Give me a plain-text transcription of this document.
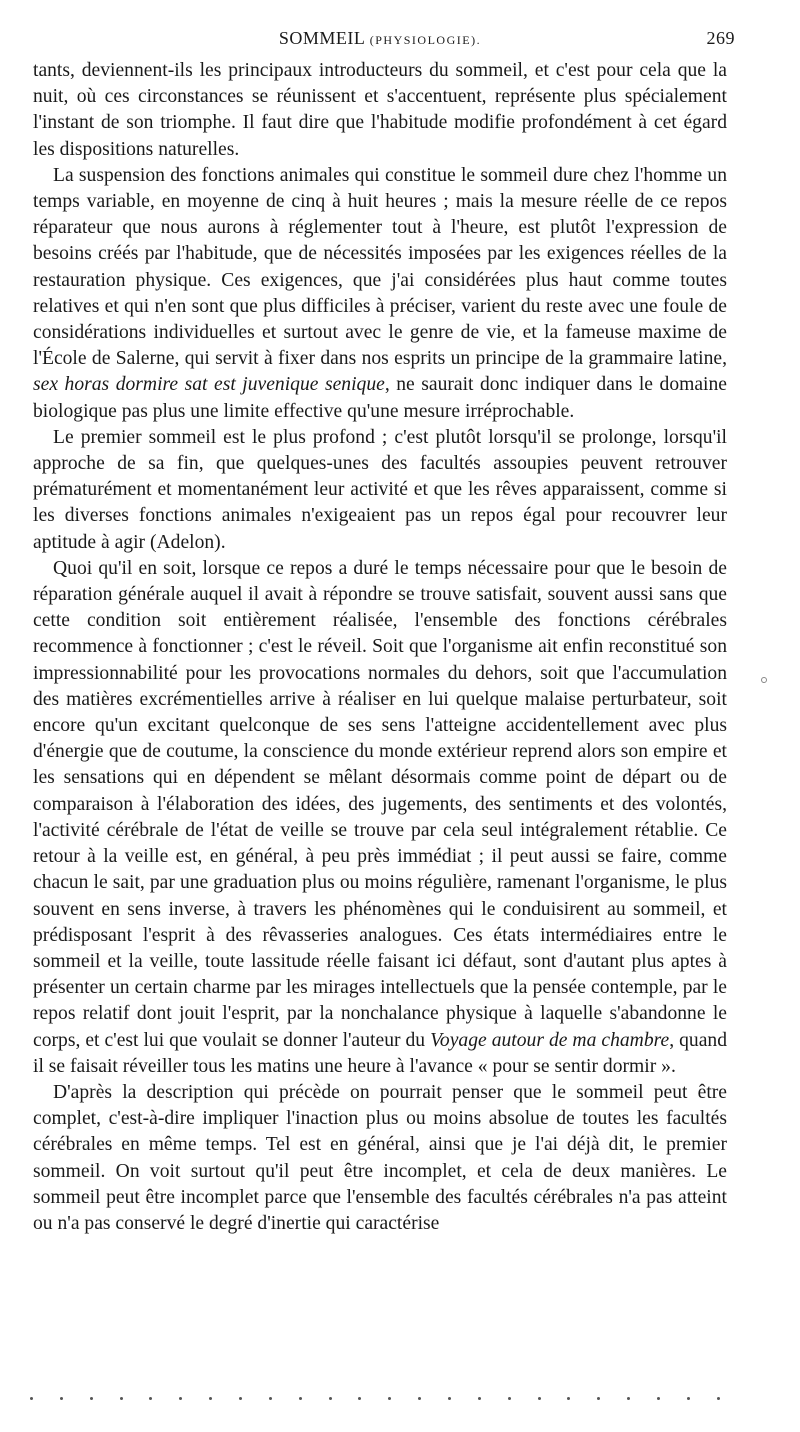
SOMMEIL (PHYSIOLOGIE).	269

tants, deviennent-ils les principaux introducteurs du sommeil, et c'est pour cela que la nuit, où ces circonstances se réunissent et s'accentuent, représente plus spécialement l'instant de son triomphe. Il faut dire que l'habitude modifie profondément à cet égard les dispositions naturelles.

La suspension des fonctions animales qui constitue le sommeil dure chez l'homme un temps variable, en moyenne de cinq à huit heures ; mais la mesure réelle de ce repos réparateur que nous aurons à réglementer tout à l'heure, est plutôt l'expression de besoins créés par l'habitude, que de nécessités imposées par les exigences réelles de la restauration physique. Ces exigences, que j'ai considérées plus haut comme toutes relatives et qui n'en sont que plus difficiles à préciser, varient du reste avec une foule de considérations individuelles et surtout avec le genre de vie, et la fameuse maxime de l'École de Salerne, qui servit à fixer dans nos esprits un principe de la grammaire latine, sex horas dormire sat est juvenique senique, ne saurait donc indiquer dans le domaine biologique pas plus une limite effective qu'une mesure irréprochable.

Le premier sommeil est le plus profond ; c'est plutôt lorsqu'il se prolonge, lorsqu'il approche de sa fin, que quelques-unes des facultés assoupies peuvent retrouver prématurément et momentanément leur activité et que les rêves apparaissent, comme si les diverses fonctions animales n'exigeaient pas un repos égal pour recouvrer leur aptitude à agir (Adelon).

Quoi qu'il en soit, lorsque ce repos a duré le temps nécessaire pour que le besoin de réparation générale auquel il avait à répondre se trouve satisfait, souvent aussi sans que cette condition soit entièrement réalisée, l'ensemble des fonctions cérébrales recommence à fonctionner ; c'est le réveil. Soit que l'organisme ait enfin reconstitué son impressionnabilité pour les provocations normales du dehors, soit que l'accumulation des matières excrémentielles arrive à réaliser en lui quelque malaise perturbateur, soit encore qu'un excitant quelconque de ses sens l'atteigne accidentellement avec plus d'énergie que de coutume, la conscience du monde extérieur reprend alors son empire et les sensations qui en dépendent se mêlant désormais comme point de départ ou de comparaison à l'élaboration des idées, des jugements, des sentiments et des volontés, l'activité cérébrale de l'état de veille se trouve par cela seul intégralement rétablie. Ce retour à la veille est, en général, à peu près immédiat ; il peut aussi se faire, comme chacun le sait, par une graduation plus ou moins régulière, ramenant l'organisme, le plus souvent en sens inverse, à travers les phénomènes qui le conduisirent au sommeil, et prédisposant l'esprit à des rêvasseries analogues. Ces états intermédiaires entre le sommeil et la veille, toute lassitude réelle faisant ici défaut, sont d'autant plus aptes à présenter un certain charme par les mirages intellectuels que la pensée contemple, par le repos relatif dont jouit l'esprit, par la nonchalance physique à laquelle s'abandonne le corps, et c'est lui que voulait se donner l'auteur du Voyage autour de ma chambre, quand il se faisait réveiller tous les matins une heure à l'avance « pour se sentir dormir ».

D'après la description qui précède on pourrait penser que le sommeil peut être complet, c'est-à-dire impliquer l'inaction plus ou moins absolue de toutes les facultés cérébrales en même temps. Tel est en général, ainsi que je l'ai déjà dit, le premier sommeil. On voit surtout qu'il peut être incomplet, et cela de deux manières. Le sommeil peut être incomplet parce que l'ensemble des facultés cérébrales n'a pas atteint ou n'a pas conservé le degré d'inertie qui caractérise
